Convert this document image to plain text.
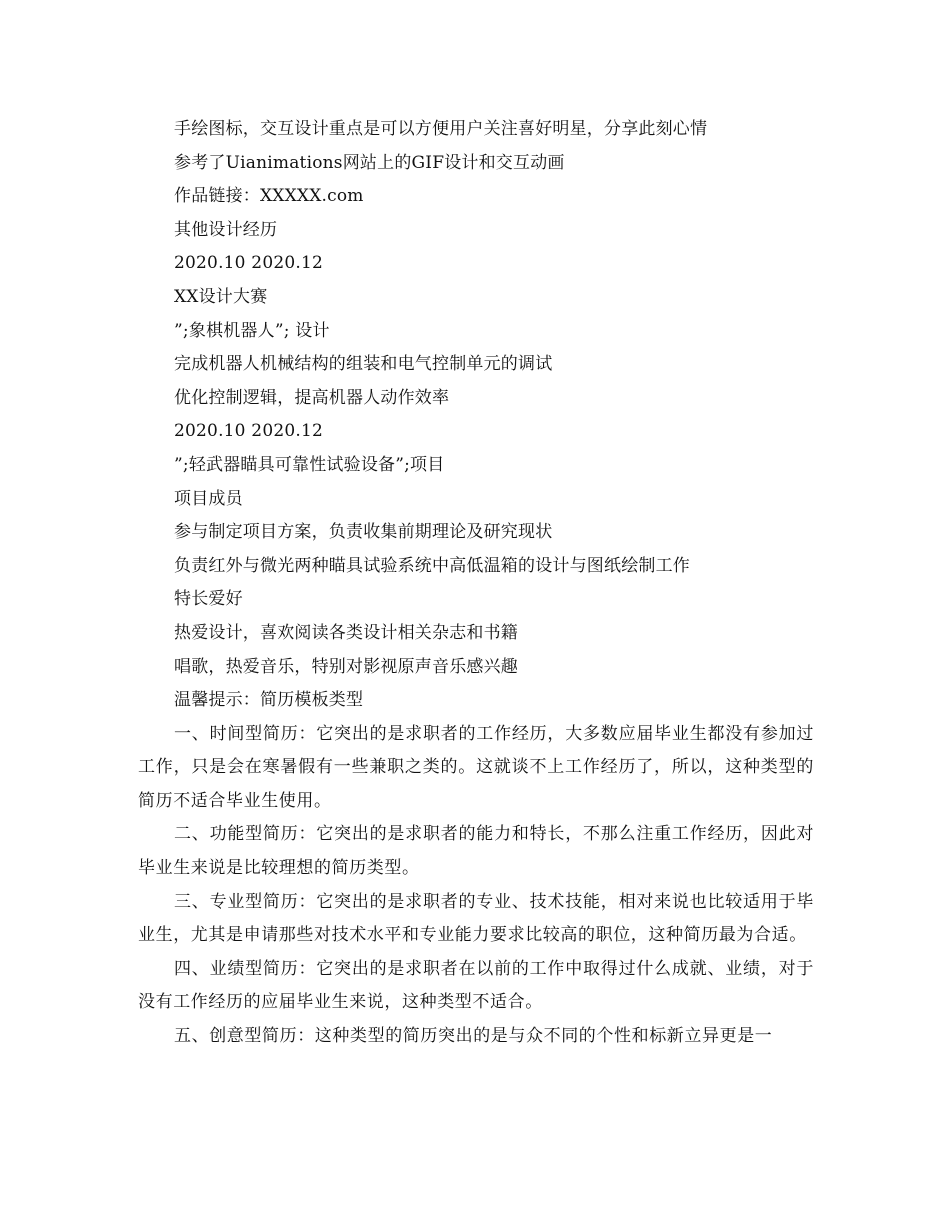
手绘图标，交互设计重点是可以方便用户关注喜好明星，分享此刻心情

参考了Uianimations网站上的GIF设计和交互动画

作品链接：XXXXX.com

其他设计经历

2020.10 2020.12

XX设计大赛

”;象棋机器人”; 设计

完成机器人机械结构的组装和电气控制单元的调试

优化控制逻辑，提高机器人动作效率

2020.10 2020.12

”;轻武器瞄具可靠性试验设备”;项目

项目成员

参与制定项目方案，负责收集前期理论及研究现状

负责红外与微光两种瞄具试验系统中高低温箱的设计与图纸绘制工作

特长爱好

热爱设计，喜欢阅读各类设计相关杂志和书籍

唱歌，热爱音乐，特别对影视原声音乐感兴趣

温馨提示：简历模板类型

一、时间型简历：它突出的是求职者的工作经历，大多数应届毕业生都没有参加过工作，只是会在寒暑假有一些兼职之类的。这就谈不上工作经历了，所以，这种类型的简历不适合毕业生使用。

二、功能型简历：它突出的是求职者的能力和特长，不那么注重工作经历，因此对毕业生来说是比较理想的简历类型。

三、专业型简历：它突出的是求职者的专业、技术技能，相对来说也比较适用于毕业生，尤其是申请那些对技术水平和专业能力要求比较高的职位，这种简历最为合适。

四、业绩型简历：它突出的是求职者在以前的工作中取得过什么成就、业绩，对于没有工作经历的应届毕业生来说，这种类型不适合。

五、创意型简历：这种类型的简历突出的是与众不同的个性和标新立异更是一
